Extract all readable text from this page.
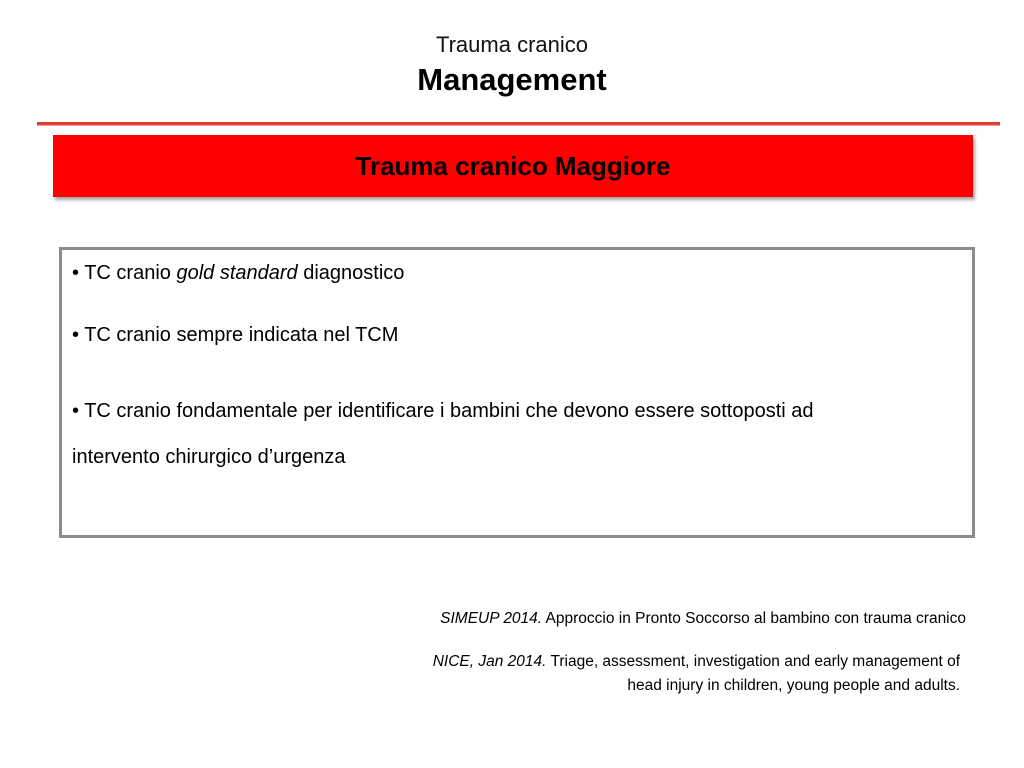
Trauma cranico
Management
Trauma cranico Maggiore

• TC cranio gold standard diagnostico

• TC cranio sempre indicata nel TCM

• TC cranio fondamentale per identificare i bambini che devono essere sottoposti ad
intervento chirurgico d’urgenza

SIMEUP 2014. Approccio in Pronto Soccorso al bambino con trauma cranico

NICE, Jan 2014. Triage, assessment, investigation and early management of
head injury in children, young people and adults.
